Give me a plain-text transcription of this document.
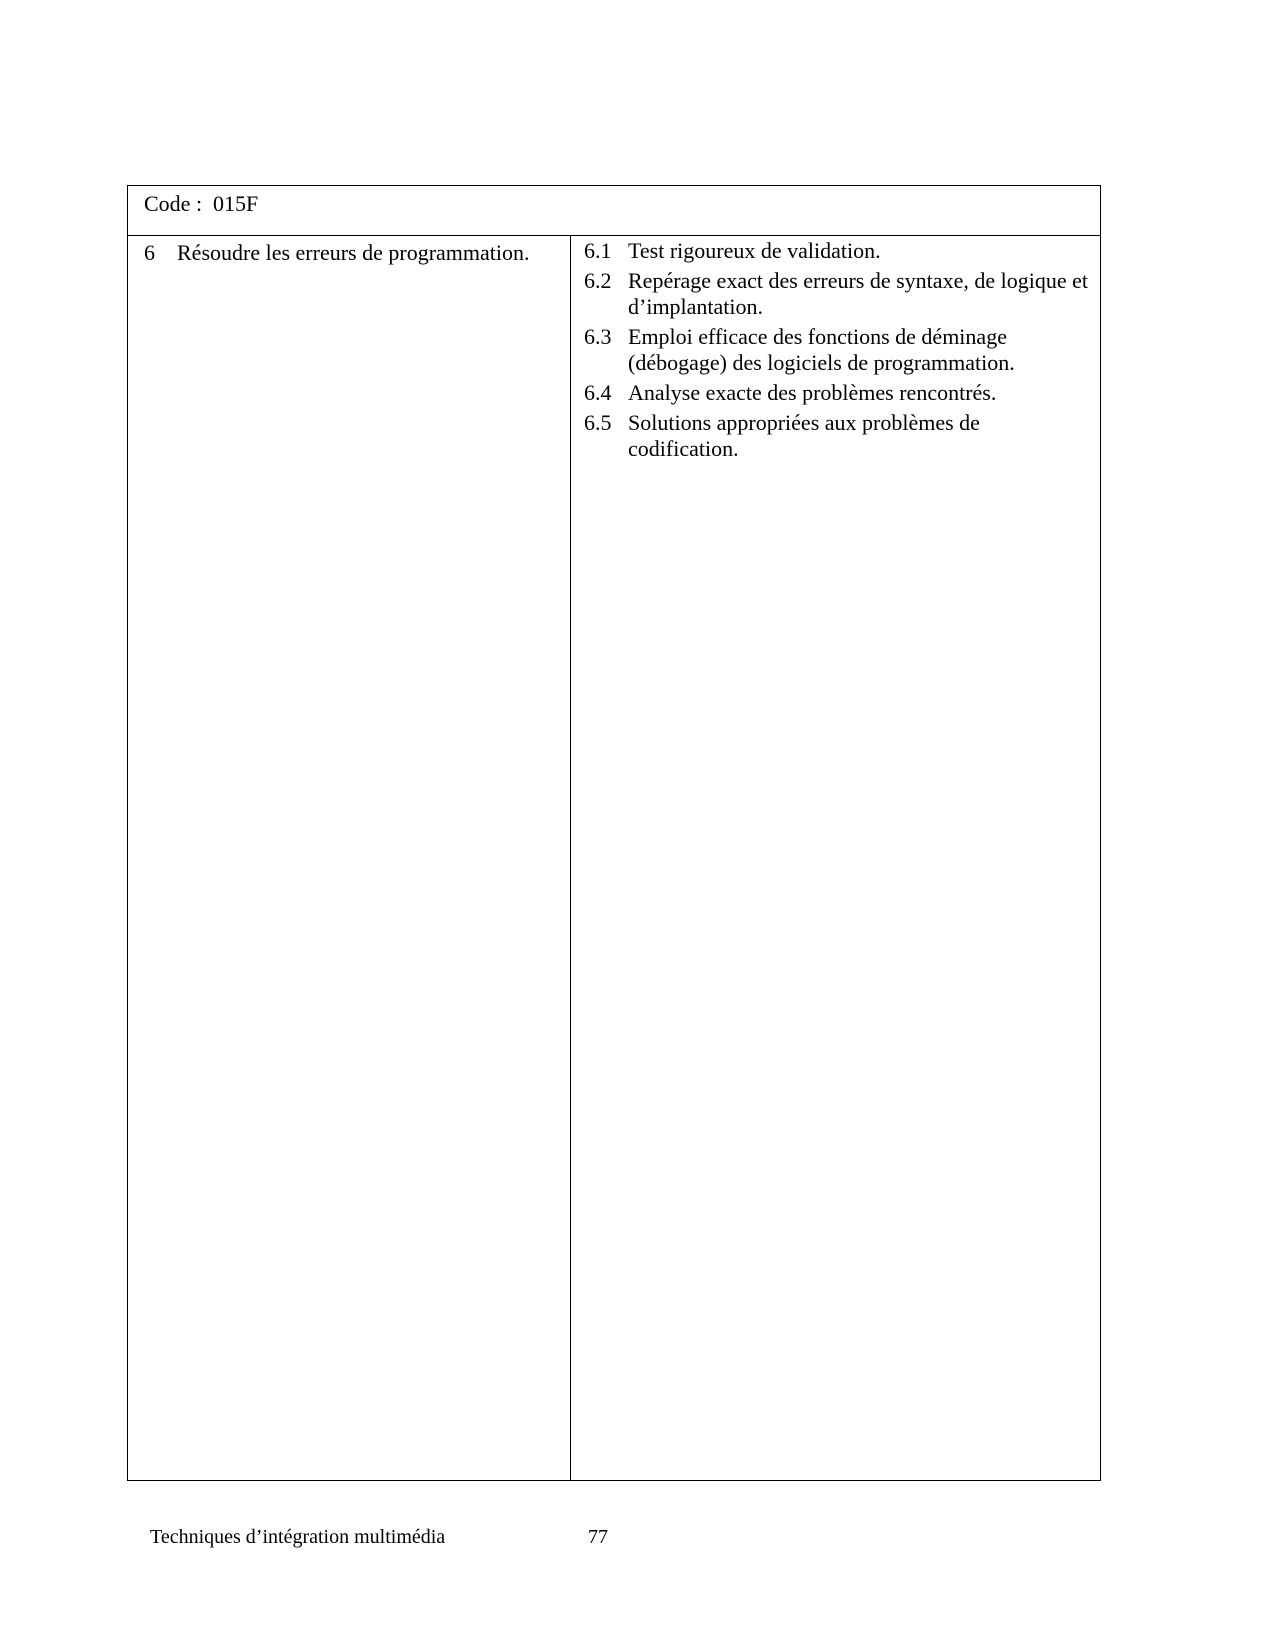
Code :  015F
6 Résoudre les erreurs de programmation. 6.1 Test rigoureux de validation.
6.2 Repérage exact des erreurs de syntaxe, de logique et d’implantation.
6.3 Emploi efficace des fonctions de déminage (débogage) des logiciels de programmation.
6.4 Analyse exacte des problèmes rencontrés.
6.5 Solutions appropriées aux problèmes de codification.
Techniques d’intégration multimédia	77
